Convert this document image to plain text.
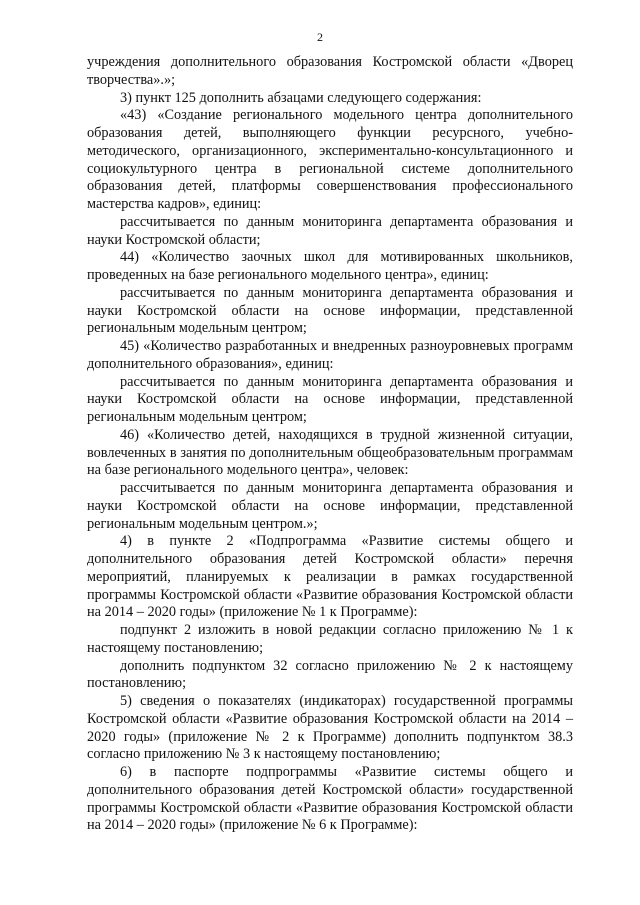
2

учреждения дополнительного образования Костромской области «Дворец творчества».»;

3) пункт 125 дополнить абзацами следующего содержания:

«43) «Создание регионального модельного центра дополнительного образования детей, выполняющего функции ресурсного, учебно-методического, организационного, экспериментально-консультационного и социокультурного центра в региональной системе дополнительного образования детей, платформы совершенствования профессионального мастерства кадров», единиц:

рассчитывается по данным мониторинга департамента образования и науки Костромской области;

44) «Количество заочных школ для мотивированных школьников, проведенных на базе регионального модельного центра», единиц:

рассчитывается по данным мониторинга департамента образования и науки Костромской области на основе информации, представленной региональным модельным центром;

45) «Количество разработанных и внедренных разноуровневых программ дополнительного образования», единиц:

рассчитывается по данным мониторинга департамента образования и науки Костромской области на основе информации, представленной региональным модельным центром;

46) «Количество детей, находящихся в трудной жизненной ситуации, вовлеченных в занятия по дополнительным общеобразовательным программам на базе регионального модельного центра», человек:

рассчитывается по данным мониторинга департамента образования и науки Костромской области на основе информации, представленной региональным модельным центром.»;

4) в пункте 2 «Подпрограмма «Развитие системы общего и дополнительного образования детей Костромской области» перечня мероприятий, планируемых к реализации в рамках государственной программы Костромской области «Развитие образования Костромской области на 2014 – 2020 годы» (приложение № 1 к Программе):

подпункт 2 изложить в новой редакции согласно приложению № 1 к настоящему постановлению;

дополнить подпунктом 32 согласно приложению № 2 к настоящему постановлению;

5) сведения о показателях (индикаторах) государственной программы Костромской области «Развитие образования Костромской области на 2014 – 2020 годы» (приложение № 2 к Программе) дополнить подпунктом 38.3 согласно приложению № 3 к настоящему постановлению;

6) в паспорте подпрограммы «Развитие системы общего и дополнительного образования детей Костромской области» государственной программы Костромской области «Развитие образования Костромской области на 2014 – 2020 годы» (приложение № 6 к Программе):
